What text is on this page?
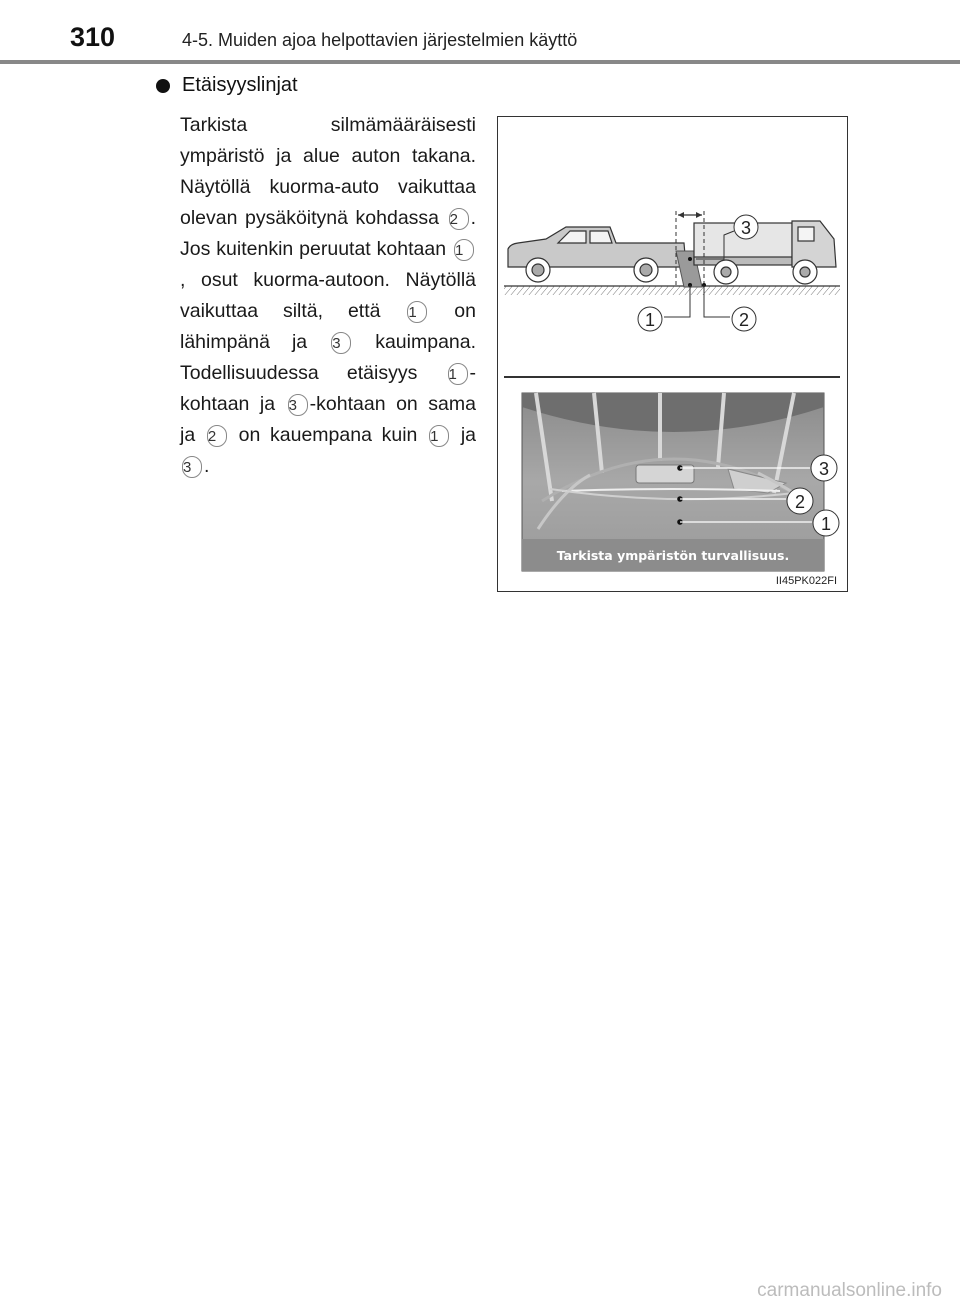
310	4-5. Muiden ajoa helpottavien järjestelmien käyttö
Etäisyyslinjat
Tarkista silmämääräisesti ympäristö ja alue auton takana. Näytöllä kuorma-auto vaikuttaa olevan pysäköitynä kohdassa 2 . Jos kuitenkin peruutat kohtaan 1, osut kuorma-autoon. Näytöllä vaikuttaa siltä, että 1 on lähimpänä ja 3 kauimpana. Todellisuudessa etäisyys 1 -kohtaan ja 3 -kohtaan on sama ja 2 on kauempana kuin 1 ja 3 .
1	2
3
Tarkista ympäristön turvallisuus.
3
2
1
II45PK022FI
carmanualsonline.info
